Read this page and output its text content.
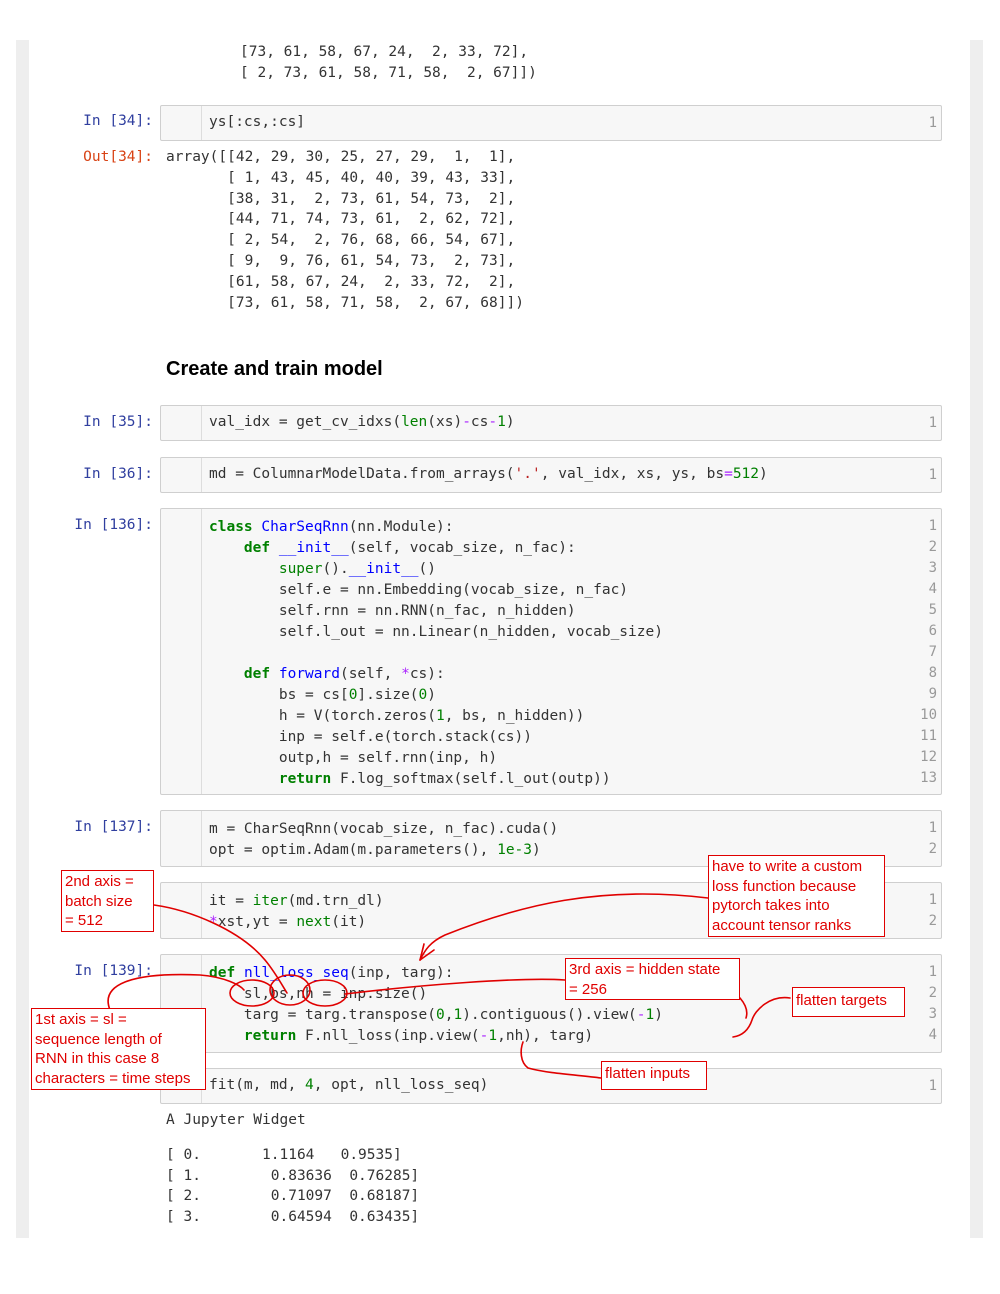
[73, 61, 58, 67, 24,  2, 33, 72],
[ 2, 73, 61, 58, 71, 58,  2, 67]])
In [34]:	1
ys[:cs,:cs]
Out[34]: array([[42, 29, 30, 25, 27, 29,  1,  1],
[ 1, 43, 45, 40, 40, 39, 43, 33],
[38, 31,  2, 73, 61, 54, 73,  2],
[44, 71, 74, 73, 61,  2, 62, 72],
[ 2, 54,  2, 76, 68, 66, 54, 67],
[ 9,  9, 76, 61, 54, 73,  2, 73],
[61, 58, 67, 24,  2, 33, 72,  2],
[73, 61, 58, 71, 58,  2, 67, 68]])
Create and train model
In [35]:	1
val_idx = get_cv_idxs(len(xs)-cs-1)
In [36]:	1
md = ColumnarModelData.from_arrays('.', val_idx, xs, ys, bs=512)
In [136]:	1
2
3
4
5
6
7
8
9
10
11
12
13
class CharSeqRnn(nn.Module):
def __init__(self, vocab_size, n_fac):
super().__init__()
self.e = nn.Embedding(vocab_size, n_fac)
self.rnn = nn.RNN(n_fac, n_hidden)
self.l_out = nn.Linear(n_hidden, vocab_size)

def forward(self, *cs):
bs = cs[0].size(0)
h = V(torch.zeros(1, bs, n_hidden))
inp = self.e(torch.stack(cs))
outp,h = self.rnn(inp, h)
return F.log_softmax(self.l_out(outp))
In [137]:	1
2
m = CharSeqRnn(vocab_size, n_fac).cuda()
opt = optim.Adam(m.parameters(), 1e-3)
1
2
it = iter(md.trn_dl)
*xst,yt = next(it)
In [139]:	1
2
3
4
def nll_loss_seq(inp, targ):
sl,bs,nh = inp.size()
targ = targ.transpose(0,1).contiguous().view(-1)
return F.nll_loss(inp.view(-1,nh), targ)
1
fit(m, md, 4, opt, nll_loss_seq)
A Jupyter Widget
[ 0.       1.1164   0.9535]
[ 1.        0.83636  0.76285]
[ 2.        0.71097  0.68187]
[ 3.        0.64594  0.63435]
have to write a custom
loss function because
pytorch takes into
account tensor ranks
2nd axis =
batch size
= 512
3rd axis = hidden state
= 256
flatten targets
1st axis = sl =
sequence length of
RNN in this case 8
characters = time steps	flatten inputs
